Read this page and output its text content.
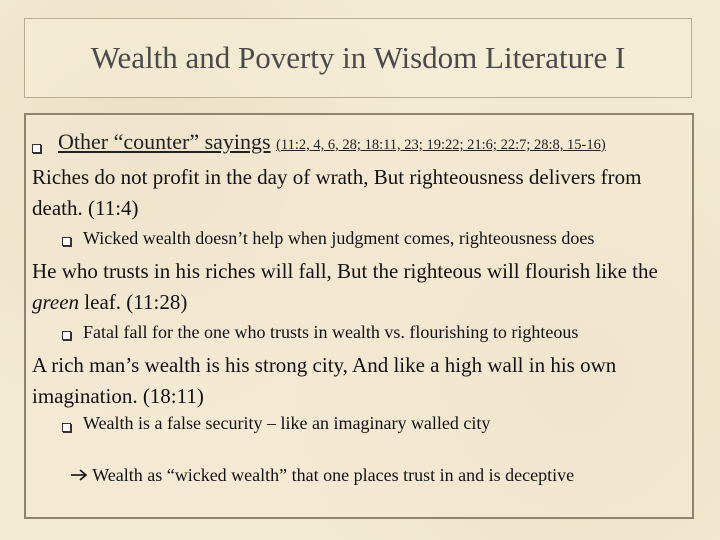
Wealth and Poverty in Wisdom Literature I
Other “counter” sayings (11:2, 4, 6, 28; 18:11, 23; 19:22; 21:6; 22:7; 28:8, 15-16)
Riches do not profit in the day of wrath, But righteousness delivers from death. (11:4)
Wicked wealth doesn’t help when judgment comes, righteousness does
He who trusts in his riches will fall, But the righteous will flourish like the green leaf. (11:28)
Fatal fall for the one who trusts in wealth vs. flourishing to righteous
A rich man’s wealth is his strong city, And like a high wall in his own imagination. (18:11)
Wealth is a false security – like an imaginary walled city
Wealth as “wicked wealth” that one places trust in and is deceptive
